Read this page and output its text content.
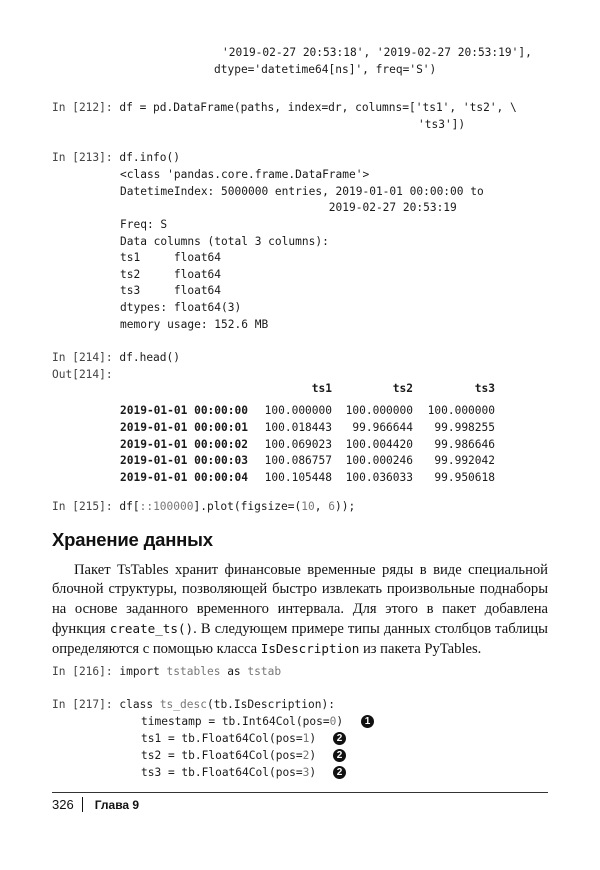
'2019-02-27 20:53:18', '2019-02-27 20:53:19'],

dtype='datetime64[ns]', freq='S')

In [212]: df = pd.DataFrame(paths, index=dr, columns=['ts1', 'ts2', \

'ts3'])

In [213]: df.info()

<class 'pandas.core.frame.DataFrame'>

DatetimeIndex: 5000000 entries, 2019-01-01 00:00:00 to

2019-02-27 20:53:19

Freq: S

Data columns (total 3 columns):

ts1     float64

ts2     float64

ts3     float64

dtypes: float64(3)

memory usage: 152.6 MB

In [214]: df.head()

Out[214]:

In [215]: df[::100000].plot(figsize=(10, 6));

In [216]: import tstables as tstab

In [217]: class ts_desc(tb.IsDescription):

timestamp = tb.Int64Col(pos=0)

ts1 = tb.Float64Col(pos=1)

ts2 = tb.Float64Col(pos=2)

ts3 = tb.Float64Col(pos=3)

1
2
2
2
	ts1	ts2	ts3

2019-01-01 00:00:00	100.000000	100.000000	100.000000
2019-01-01 00:00:01	100.018443	99.966644	99.998255
2019-01-01 00:00:02	100.069023	100.004420	99.986646
2019-01-01 00:00:03	100.086757	100.000246	99.992042
2019-01-01 00:00:04	100.105448	100.036033	99.950618
Хранение данных

Пакет TsTables хранит финансовые временные ряды в виде специальной блочной структуры, позволяющей быстро извлекать произвольные поднаборы на основе заданного временного интервала. Для этого в пакет добавлена функция create_ts(). В следующем примере типы данных столбцов таблицы определяются с помощью класса IsDescription из пакета PyTables.

326 Глава 9
